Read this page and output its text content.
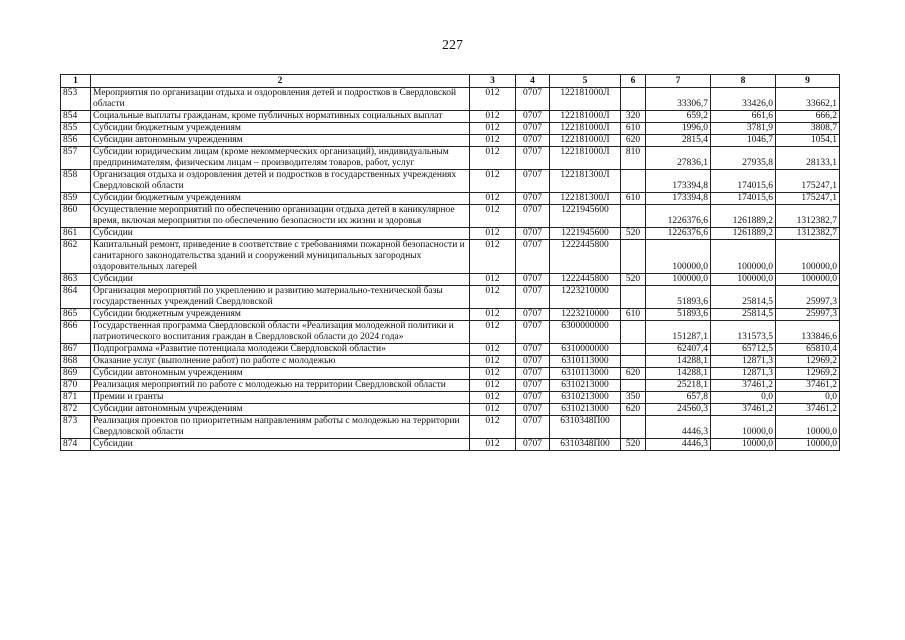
227
1	2	3	4	5	6	7	8	9
853	Мероприятия по организации отдыха и оздоровления детей и подростков в Свердловской области	012	0707	122181000Л		33306,7	33426,0	33662,1
854	Социальные выплаты гражданам, кроме публичных нормативных социальных выплат	012	0707	122181000Л	320	659,2	661,6	666,2
855	Субсидии бюджетным учреждениям	012	0707	122181000Л	610	1996,0	3781,9	3808,7
856	Субсидии автономным учреждениям	012	0707	122181000Л	620	2815,4	1046,7	1054,1
857	Субсидии юридическим лицам (кроме некоммерческих организаций), индивидуальным предпринимателям, физическим лицам – производителям товаров, работ, услуг	012	0707	122181000Л	810	27836,1	27935,8	28133,1
858	Организация отдыха и оздоровления детей и подростков в государственных учреждениях Свердловской области	012	0707	122181300Л		173394,8	174015,6	175247,1
859	Субсидии бюджетным учреждениям	012	0707	122181300Л	610	173394,8	174015,6	175247,1
860	Осуществление мероприятий по обеспечению организации отдыха детей в каникулярное время, включая мероприятия по обеспечению безопасности их жизни и здоровья	012	0707	1221945600		1226376,6	1261889,2	1312382,7
861	Субсидии	012	0707	1221945600	520	1226376,6	1261889,2	1312382,7
862	Капитальный ремонт, приведение в соответствие с требованиями пожарной безопасности и санитарного законодательства зданий и сооружений муниципальных загородных оздоровительных лагерей	012	0707	1222445800		100000,0	100000,0	100000,0
863	Субсидии	012	0707	1222445800	520	100000,0	100000,0	100000,0
864	Организация мероприятий по укреплению и развитию материально-технической базы государственных учреждений Свердловской	012	0707	1223210000		51893,6	25814,5	25997,3
865	Субсидии бюджетным учреждениям	012	0707	1223210000	610	51893,6	25814,5	25997,3
866	Государственная программа Свердловской области «Реализация молодежной политики и патриотического воспитания граждан в Свердловской области до 2024 года»	012	0707	6300000000		151287,1	131573,5	133846,6
867	Подпрограмма «Развитие потенциала молодежи Свердловской области»	012	0707	6310000000		62407,4	65712,5	65810,4
868	Оказание услуг (выполнение работ) по работе с молодежью	012	0707	6310113000		14288,1	12871,3	12969,2
869	Субсидии автономным учреждениям	012	0707	6310113000	620	14288,1	12871,3	12969,2
870	Реализация мероприятий по работе с молодежью на территории Свердловской области	012	0707	6310213000		25218,1	37461,2	37461,2
871	Премии и гранты	012	0707	6310213000	350	657,8	0,0	0,0
872	Субсидии автономным учреждениям	012	0707	6310213000	620	24560,3	37461,2	37461,2
873	Реализация проектов по приоритетным направлениям работы с молодежью на территории Свердловской области	012	0707	6310348П00		4446,3	10000,0	10000,0
874	Субсидии	012	0707	6310348П00	520	4446,3	10000,0	10000,0
